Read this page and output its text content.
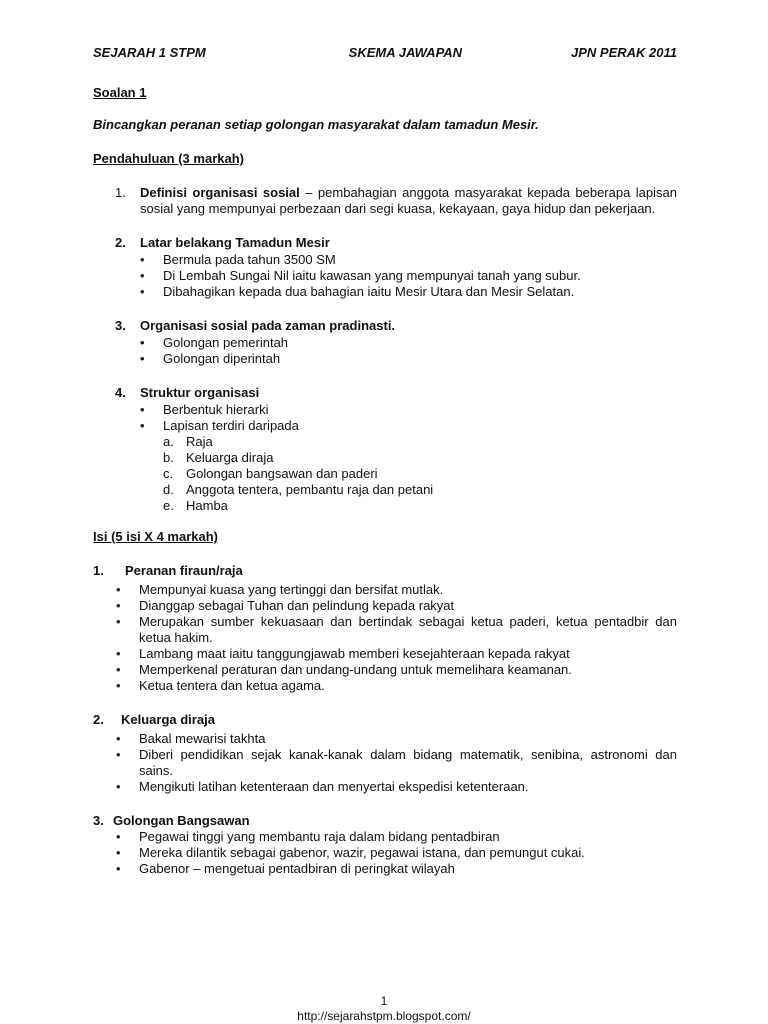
SEJARAH 1 STPM	SKEMA JAWAPAN	JPN PERAK 2011
Soalan 1
Bincangkan peranan setiap golongan masyarakat dalam tamadun Mesir.
Pendahuluan (3 markah)
1. Definisi organisasi sosial – pembahagian anggota masyarakat kepada beberapa lapisan sosial yang mempunyai perbezaan dari segi kuasa, kekayaan, gaya hidup dan pekerjaan.
2. Latar belakang Tamadun Mesir
• Bermula pada tahun 3500 SM
• Di Lembah Sungai Nil iaitu kawasan yang mempunyai tanah yang subur.
• Dibahagikan kepada dua bahagian iaitu Mesir Utara dan Mesir Selatan.
3. Organisasi sosial pada zaman pradinasti.
• Golongan pemerintah
• Golongan diperintah
4. Struktur organisasi
• Berbentuk hierarki
• Lapisan terdiri daripada
a. Raja
b. Keluarga diraja
c. Golongan bangsawan dan paderi
d. Anggota tentera, pembantu raja dan petani
e. Hamba
Isi (5 isi X 4 markah)
1. Peranan firaun/raja
• Mempunyai kuasa yang tertinggi dan bersifat mutlak.
• Dianggap sebagai Tuhan dan pelindung kepada rakyat
• Merupakan sumber kekuasaan dan bertindak sebagai ketua paderi, ketua pentadbir dan ketua hakim.
• Lambang maat iaitu tanggungjawab memberi kesejahteraan kepada rakyat
• Memperkenal peraturan dan undang-undang untuk memelihara keamanan.
• Ketua tentera dan ketua agama.
2. Keluarga diraja
• Bakal mewarisi takhta
• Diberi pendidikan sejak kanak-kanak dalam bidang matematik, senibina, astronomi dan sains.
• Mengikuti latihan ketenteraan dan menyertai ekspedisi ketenteraan.
3. Golongan Bangsawan
• Pegawai tinggi yang membantu raja dalam bidang pentadbiran
• Mereka dilantik sebagai gabenor, wazir, pegawai istana, dan pemungut cukai.
• Gabenor – mengetuai pentadbiran di peringkat wilayah
1
http://sejarahstpm.blogspot.com/
